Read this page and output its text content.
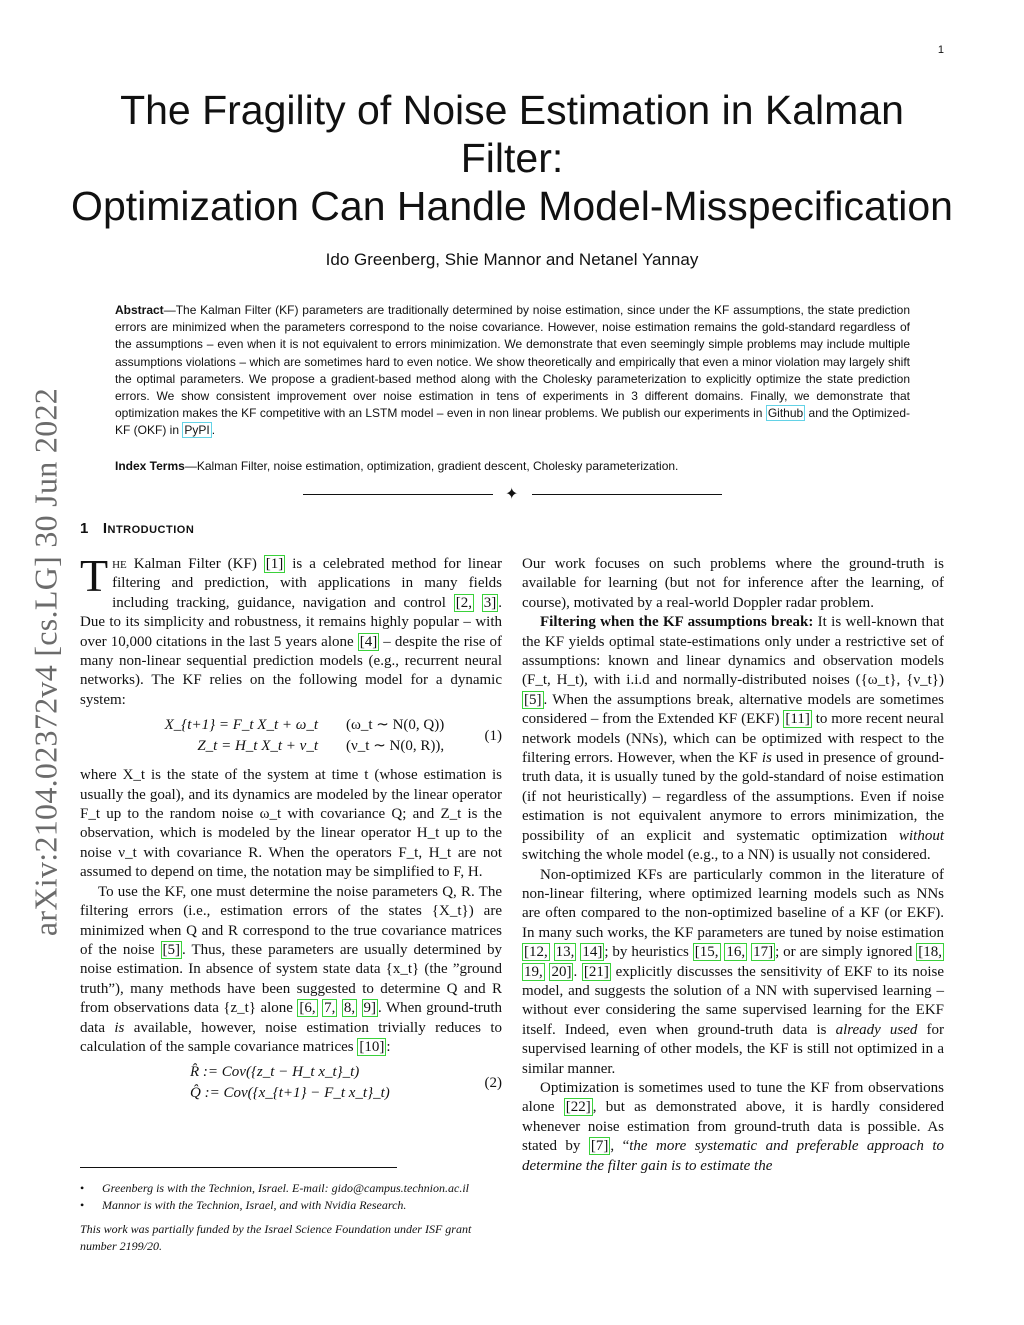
1
arXiv:2104.02372v4 [cs.LG] 30 Jun 2022
The Fragility of Noise Estimation in Kalman
Filter:
Optimization Can Handle Model-Misspecification
Ido Greenberg, Shie Mannor and Netanel Yannay
Abstract—The Kalman Filter (KF) parameters are traditionally determined by noise estimation, since under the KF assumptions, the state prediction errors are minimized when the parameters correspond to the noise covariance. However, noise estimation remains the gold-standard regardless of the assumptions – even when it is not equivalent to errors minimization. We demonstrate that even seemingly simple problems may include multiple assumptions violations – which are sometimes hard to even notice. We show theoretically and empirically that even a minor violation may largely shift the optimal parameters. We propose a gradient-based method along with the Cholesky parameterization to explicitly optimize the state prediction errors. We show consistent improvement over noise estimation in tens of experiments in 3 different domains. Finally, we demonstrate that optimization makes the KF competitive with an LSTM model – even in non linear problems. We publish our experiments in Github and the Optimized-KF (OKF) in PyPI .
Index Terms—Kalman Filter, noise estimation, optimization, gradient descent, Cholesky parameterization.
✦
1 Introduction

The Kalman Filter (KF) [1] is a celebrated method for linear filtering and prediction, with applications in many fields including tracking, guidance, navigation and control [2, 3] . Due to its simplicity and robustness, it remains highly popular – with over 10,000 citations in the last 5 years alone [4] – despite the rise of many non-linear sequential prediction models (e.g., recurrent neural networks). The KF relies on the following model for a dynamic system:

X_{t+1} = F_t X_t + ω_t	(ω_t ∼ N(0, Q))
Z_t = H_t X_t + ν_t	(ν_t ∼ N(0, R)),
(1)

where X_t is the state of the system at time t (whose estimation is usually the goal), and its dynamics are modeled by the linear operator F_t up to the random noise ω_t with covariance Q; and Z_t is the observation, which is modeled by the linear operator H_t up to the noise ν_t with covariance R. When the operators F_t, H_t are not assumed to depend on time, the notation may be simplified to F, H.

To use the KF, one must determine the noise parameters Q, R. The filtering errors (i.e., estimation errors of the states {X_t}) are minimized when Q and R correspond to the true covariance matrices of the noise [5] . Thus, these parameters are usually determined by noise estimation. In absence of system state data {x_t} (the ”ground truth”), many methods have been suggested to determine Q and R from observations data {z_t} alone [6, 7, 8, 9] . When ground-truth data is available, however, noise estimation trivially reduces to calculation of the sample covariance matrices [10] :

R̂ := Cov({z_t − H_t x_t}_t)
Q̂ := Cov({x_{t+1} − F_t x_t}_t)
(2)

Our work focuses on such problems where the ground-truth is available for learning (but not for inference after the learning, of course), motivated by a real-world Doppler radar problem.

Filtering when the KF assumptions break: It is well-known that the KF yields optimal state-estimations only under a restrictive set of assumptions: known and linear dynamics and observation models (F_t, H_t), with i.i.d and normally-distributed noises ({ω_t}, {ν_t}) [5] . When the assumptions break, alternative models are sometimes considered – from the Extended KF (EKF) [11] to more recent neural network models (NNs), which can be optimized with respect to the filtering errors. However, when the KF is used in presence of ground-truth data, it is usually tuned by the gold-standard of noise estimation (if not heuristically) – regardless of the assumptions. Even if noise estimation is not equivalent anymore to errors minimization, the possibility of an explicit and systematic optimization without switching the whole model (e.g., to a NN) is usually not considered.

Non-optimized KFs are particularly common in the literature of non-linear filtering, where optimized learning models such as NNs are often compared to the non-optimized baseline of a KF (or EKF). In many such works, the KF parameters are tuned by noise estimation [12, 13, 14] ; by heuristics [15, 16, 17] ; or are simply ignored [18, 19, 20] . [21] explicitly discusses the sensitivity of EKF to its noise model, and suggests the solution of a NN with supervised learning – without ever considering the same supervised learning for the EKF itself. Indeed, even when ground-truth data is already used for supervised learning of other models, the KF is still not optimized in a similar manner.

Optimization is sometimes used to tune the KF from observations alone [22] , but as demonstrated above, it is hardly considered whenever noise estimation from ground-truth data is possible. As stated by [7] , “the more systematic and preferable approach to determine the filter gain is to estimate the

• Greenberg is with the Technion, Israel. E-mail: gido@campus.technion.ac.il
• Mannor is with the Technion, Israel, and with Nvidia Research.
This work was partially funded by the Israel Science Foundation under ISF grant number 2199/20.
